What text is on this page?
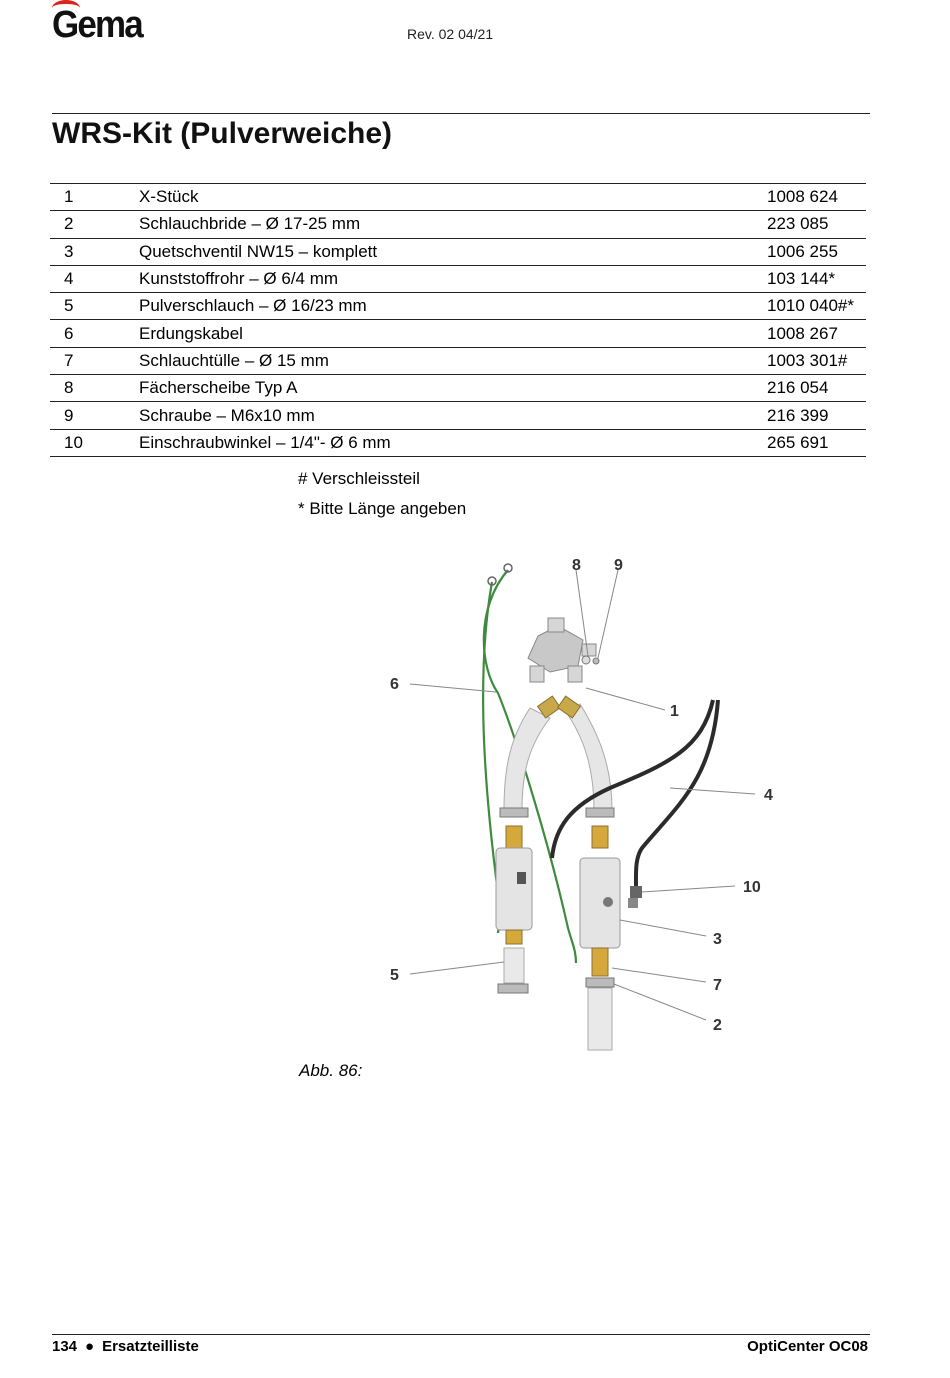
Gema	Rev. 02 04/21
WRS-Kit (Pulverweiche)
1	X-Stück	1008 624
2	Schlauchbride – Ø 17-25 mm	223 085
3	Quetschventil NW15 – komplett	1006 255
4	Kunststoffrohr – Ø 6/4 mm	103 144*
5	Pulverschlauch – Ø 16/23 mm	1010 040#*
6	Erdungskabel	1008 267
7	Schlauchtülle – Ø 15 mm	1003 301#
8	Fächerscheibe Typ A	216 054
9	Schraube – M6x10 mm	216 399
10	Einschraubwinkel – 1/4"- Ø 6 mm	265 691
# Verschleissteil
* Bitte Länge angeben
8 9
6
1
4
10
3
5
7
2
Abb. 86:
134 ● Ersatzteilliste	OptiCenter OC08
